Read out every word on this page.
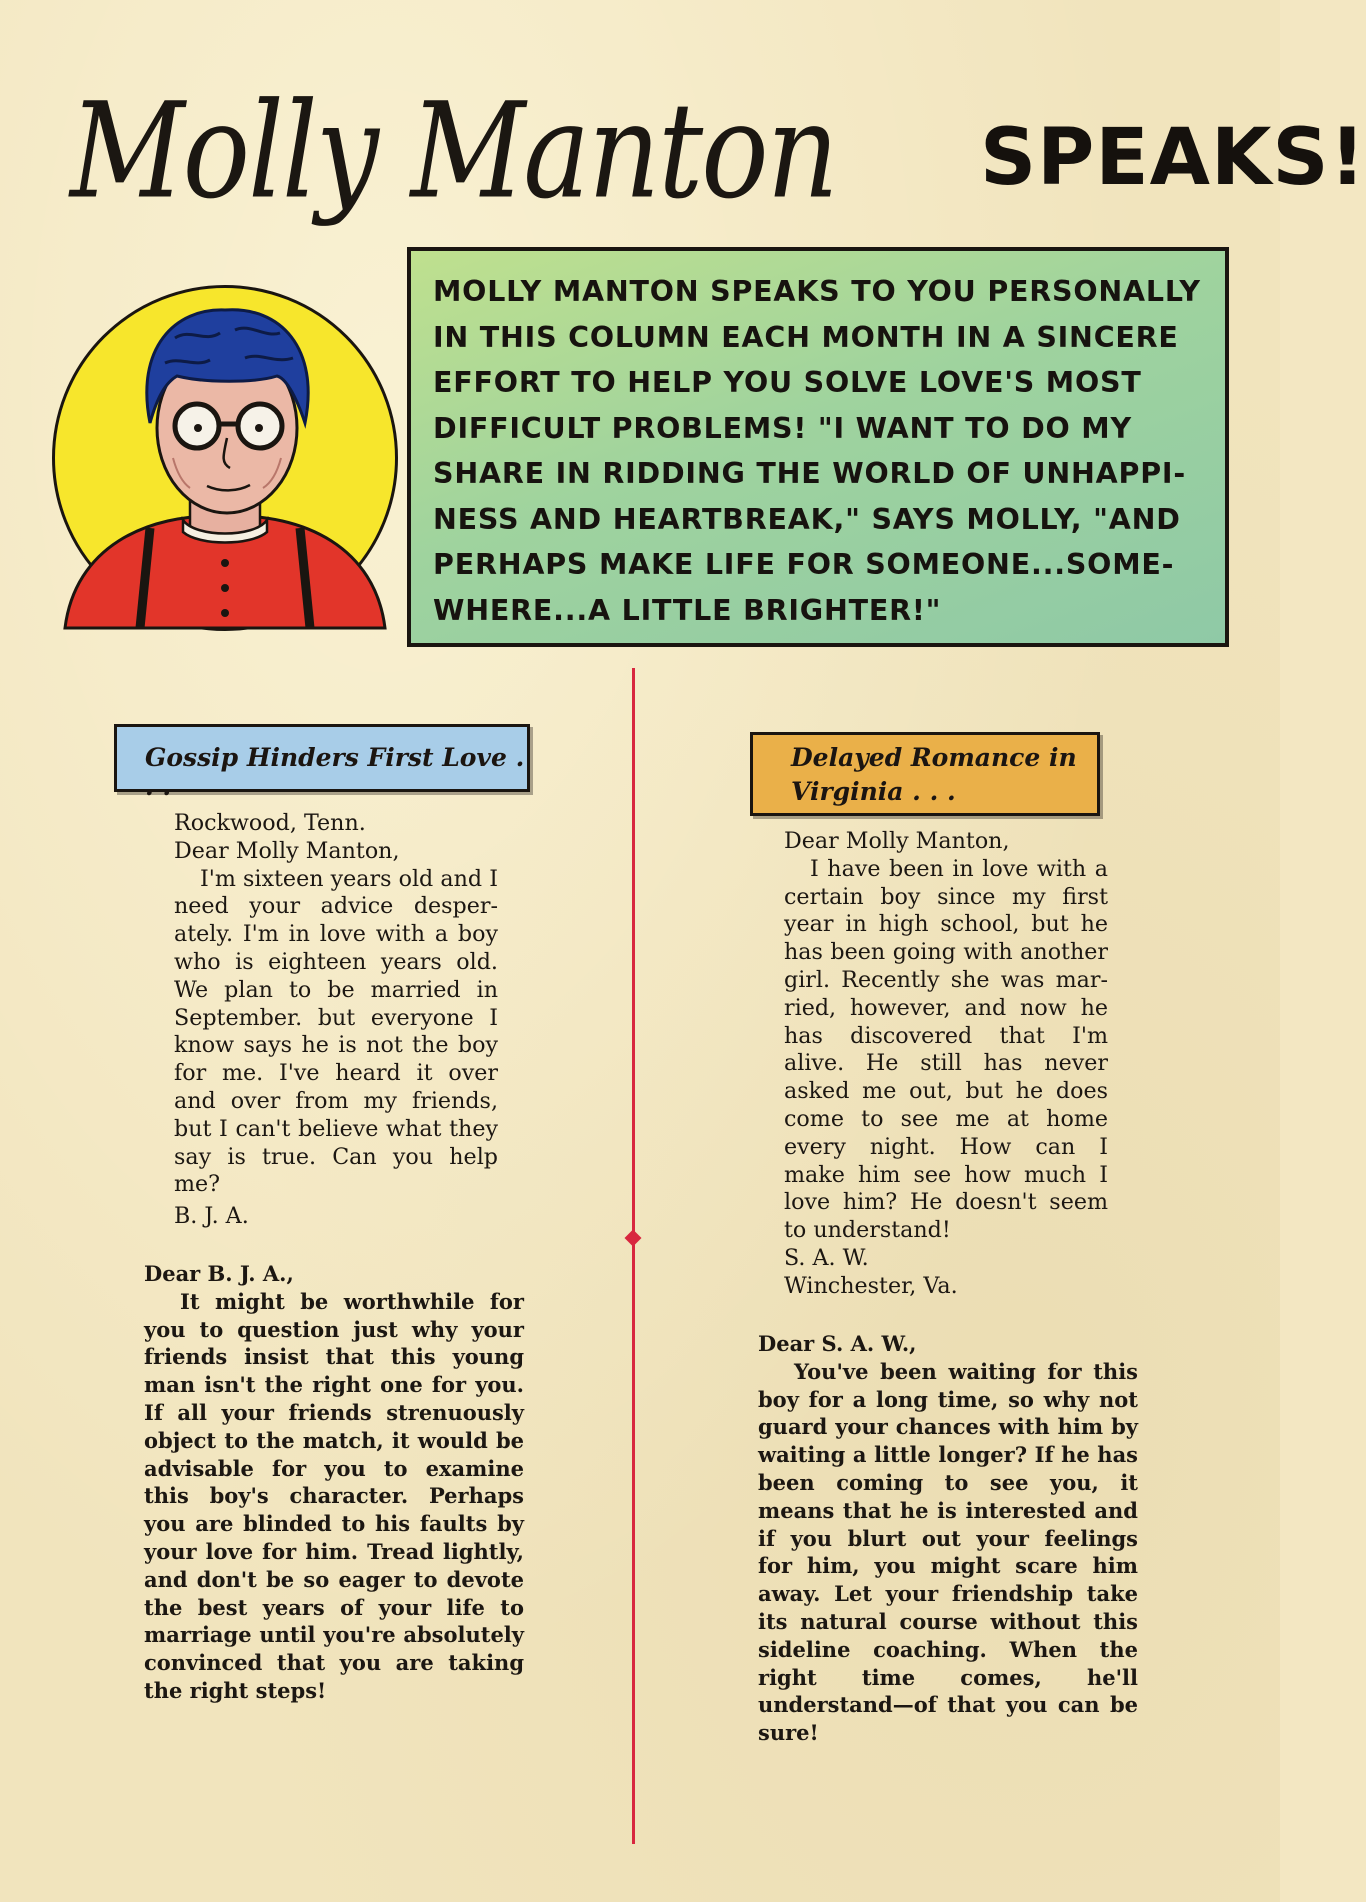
Molly Manton SPEAKS!

MOLLY MANTON SPEAKS TO YOU PERSONALLY IN THIS COLUMN EACH MONTH IN A SINCERE EFFORT TO HELP YOU SOLVE LOVE'S MOST DIFFICULT PROBLEMS! "I WANT TO DO MY SHARE IN RIDDING THE WORLD OF UNHAPPI-NESS AND HEARTBREAK," SAYS MOLLY, "AND PERHAPS MAKE LIFE FOR SOMEONE...SOME-WHERE...A LITTLE BRIGHTER!"

Gossip Hinders First Love . . .

Rockwood, Tenn.

Dear Molly Manton,

I'm sixteen years old and I need your advice desper-ately. I'm in love with a boy who is eighteen years old. We plan to be married in September. but everyone I know says he is not the boy for me. I've heard it over and over from my friends, but I can't believe what they say is true. Can you help me?

B. J. A.

Dear B. J. A.,

It might be worthwhile for you to question just why your friends insist that this young man isn't the right one for you. If all your friends strenuously object to the match, it would be advisable for you to examine this boy's character. Perhaps you are blinded to his faults by your love for him. Tread lightly, and don't be so eager to devote the best years of your life to marriage until you're absolutely convinced that you are taking the right steps!

Delayed Romance in Virginia . . .

Dear Molly Manton,

I have been in love with a certain boy since my first year in high school, but he has been going with another girl. Recently she was mar-ried, however, and now he has discovered that I'm alive. He still has never asked me out, but he does come to see me at home every night. How can I make him see how much I love him? He doesn't seem to understand!

S. A. W.

Winchester, Va.

Dear S. A. W.,

You've been waiting for this boy for a long time, so why not guard your chances with him by waiting a little longer? If he has been coming to see you, it means that he is interested and if you blurt out your feelings for him, you might scare him away. Let your friendship take its natural course without this sideline coaching. When the right time comes, he'll understand—of that you can be sure!
